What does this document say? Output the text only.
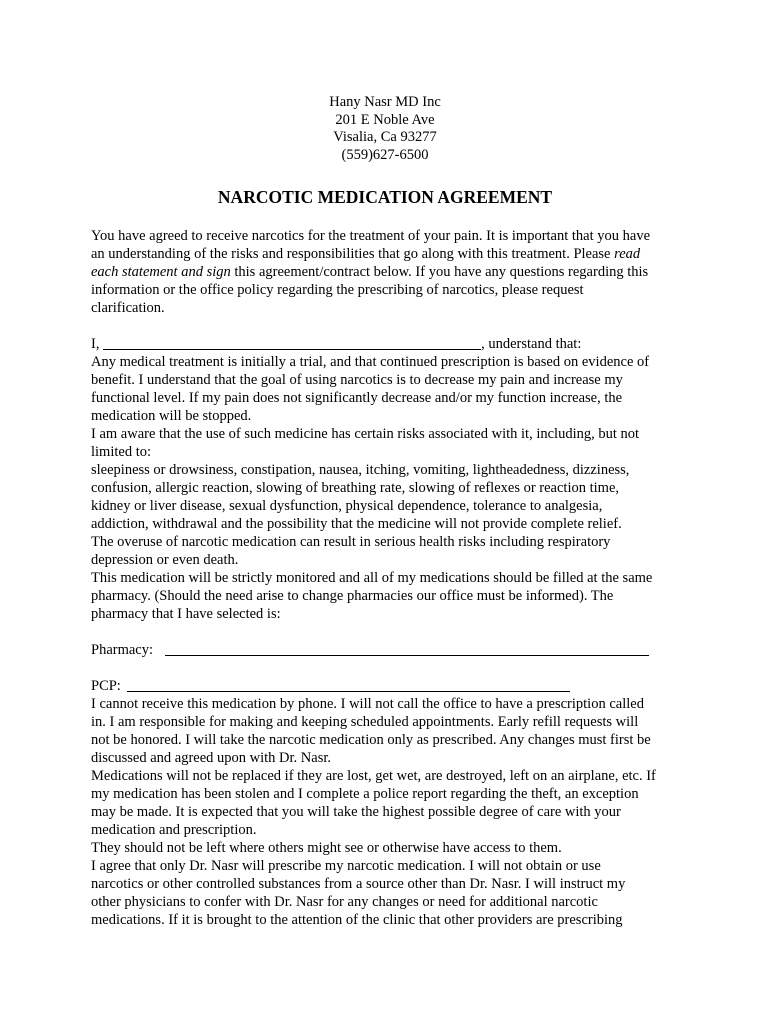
Hany Nasr MD Inc
201 E Noble Ave
Visalia, Ca 93277
(559)627-6500
NARCOTIC MEDICATION AGREEMENT

You have agreed to receive narcotics for the treatment of your pain. It is important that you have

an understanding of the risks and responsibilities that go along with this treatment. Please read

each statement and sign this agreement/contract below. If you have any questions regarding this

information or the office policy regarding the prescribing of narcotics, please request

clarification.

I,	, understand that:

Any medical treatment is initially a trial, and that continued prescription is based on evidence of

benefit. I understand that the goal of using narcotics is to decrease my pain and increase my

functional level. If my pain does not significantly decrease and/or my function increase, the

medication will be stopped.

I am aware that the use of such medicine has certain risks associated with it, including, but not

limited to:

sleepiness or drowsiness, constipation, nausea, itching, vomiting, lightheadedness, dizziness,

confusion, allergic reaction, slowing of breathing rate, slowing of reflexes or reaction time,

kidney or liver disease, sexual dysfunction, physical dependence, tolerance to analgesia,

addiction, withdrawal and the possibility that the medicine will not provide complete relief.

The overuse of narcotic medication can result in serious health risks including respiratory

depression or even death.

This medication will be strictly monitored and all of my medications should be filled at the same

pharmacy. (Should the need arise to change pharmacies our office must be informed). The

pharmacy that I have selected is:

Pharmacy:

PCP:

I cannot receive this medication by phone. I will not call the office to have a prescription called

in. I am responsible for making and keeping scheduled appointments. Early refill requests will

not be honored. I will take the narcotic medication only as prescribed. Any changes must first be

discussed and agreed upon with Dr. Nasr.

Medications will not be replaced if they are lost, get wet, are destroyed, left on an airplane, etc. If

my medication has been stolen and I complete a police report regarding the theft, an exception

may be made. It is expected that you will take the highest possible degree of care with your

medication and prescription.

They should not be left where others might see or otherwise have access to them.

I agree that only Dr. Nasr will prescribe my narcotic medication. I will not obtain or use

narcotics or other controlled substances from a source other than Dr. Nasr. I will instruct my

other physicians to confer with Dr. Nasr for any changes or need for additional narcotic

medications. If it is brought to the attention of the clinic that other providers are prescribing
